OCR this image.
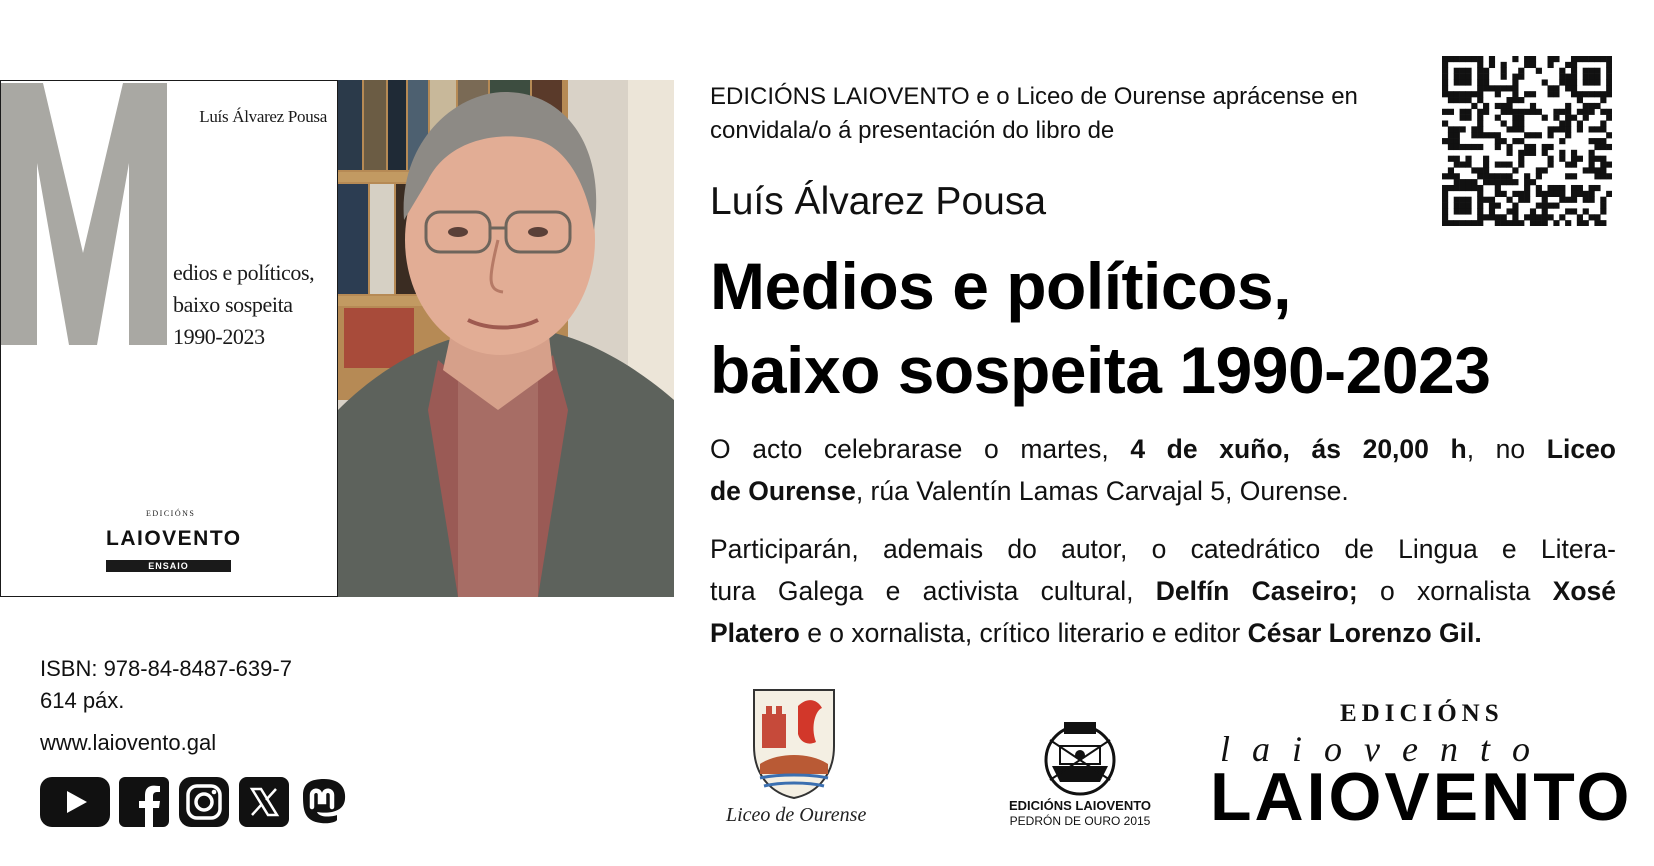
Luís Álvarez Pousa
edios e políticos,
baixo sospeita
1990-2023
EDICIÓNS
LAIOVENTO
ENSAIO
ISBN: 978-84-8487-639-7
614 páx.
www.laiovento.gal
EDICIÓNS LAIOVENTO e o Liceo de Ourense aprácense en
convidala/o á presentación do libro de
Luís Álvarez Pousa
Medios e políticos,
baixo sospeita 1990-2023
O acto celebrarase o martes, 4 de xuño, ás 20,00 h, no Liceo
de Ourense, rúa Valentín Lamas Carvajal 5, Ourense.
Participarán, ademais do autor, o catedrático de Lingua e Litera-
tura Galega e activista cultural, Delfín Caseiro; o xornalista Xosé
Platero e o xornalista, crítico literario e editor César Lorenzo Gil.
Liceo de Ourense	EDICIÓNS LAIOVENTO
PEDRÓN DE OURO 2015
EDICIÓNS
laiovento
LAIOVENTO
